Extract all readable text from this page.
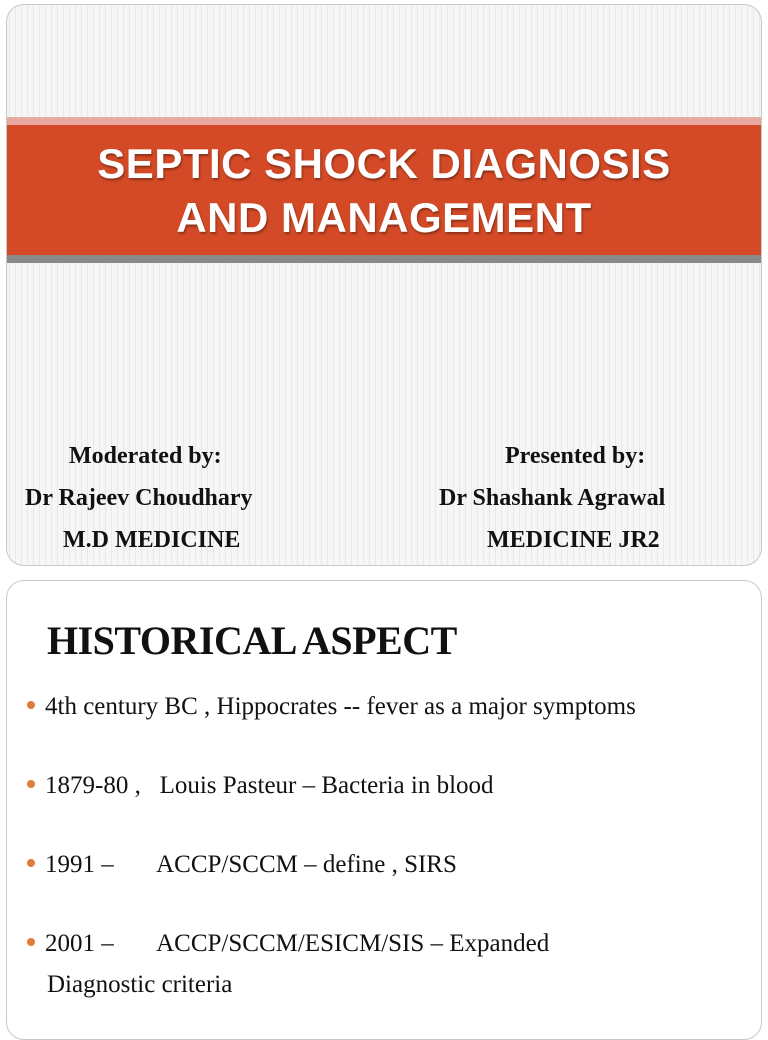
SEPTIC SHOCK DIAGNOSIS
AND MANAGEMENT
Moderated by:
Dr Rajeev Choudhary
M.D MEDICINE
Presented by:
Dr Shashank Agrawal
MEDICINE JR2
HISTORICAL ASPECT
4th century BC , Hippocrates -- fever as a major symptoms
1879-80 ,   Louis Pasteur – Bacteria in blood
1991 –       ACCP/SCCM – define , SIRS
2001 –       ACCP/SCCM/ESICM/SIS – Expanded
Diagnostic criteria
